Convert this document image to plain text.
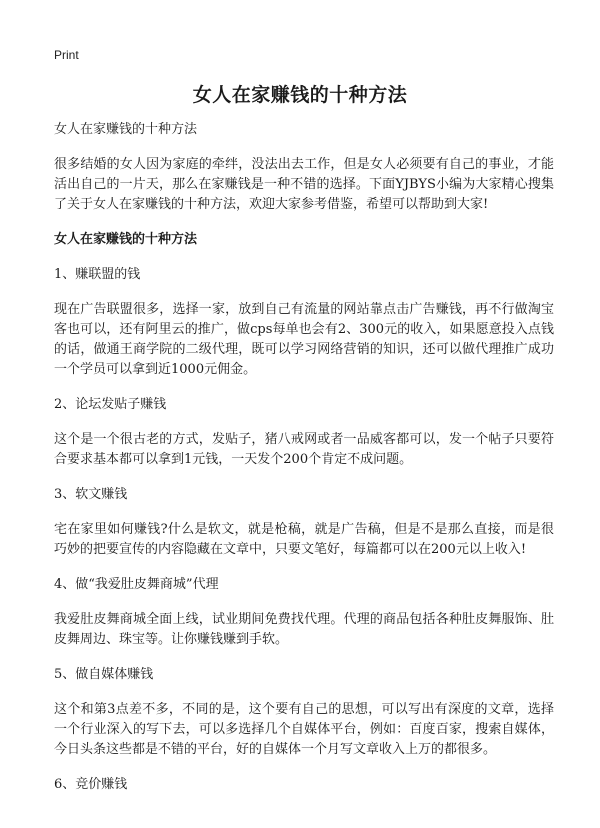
Print
女人在家赚钱的十种方法

女人在家赚钱的十种方法

很多结婚的女人因为家庭的牵绊，没法出去工作，但是女人必须要有自己的事业，才能活出自己的一片天，那么在家赚钱是一种不错的选择。下面YJBYS小编为大家精心搜集了关于女人在家赚钱的十种方法，欢迎大家参考借鉴，希望可以帮助到大家!

女人在家赚钱的十种方法

1、赚联盟的钱

现在广告联盟很多，选择一家，放到自己有流量的网站靠点击广告赚钱，再不行做淘宝客也可以，还有阿里云的推广，做cps每单也会有2、300元的收入，如果愿意投入点钱的话，做通王商学院的二级代理，既可以学习网络营销的知识，还可以做代理推广成功一个学员可以拿到近1000元佣金。

2、论坛发贴子赚钱

这个是一个很古老的方式，发贴子，猪八戒网或者一品威客都可以，发一个帖子只要符合要求基本都可以拿到1元钱，一天发个200个肯定不成问题。

3、软文赚钱

宅在家里如何赚钱?什么是软文，就是枪稿，就是广告稿，但是不是那么直接，而是很巧妙的把要宣传的内容隐藏在文章中，只要文笔好，每篇都可以在200元以上收入!

4、做“我爱肚皮舞商城”代理

我爱肚皮舞商城全面上线，试业期间免费找代理。代理的商品包括各种肚皮舞服饰、肚皮舞周边、珠宝等。让你赚钱赚到手软。

5、做自媒体赚钱

这个和第3点差不多，不同的是，这个要有自己的思想，可以写出有深度的文章，选择一个行业深入的写下去，可以多选择几个自媒体平台，例如：百度百家，搜索自媒体，今日头条这些都是不错的平台，好的自媒体一个月写文章收入上万的都很多。

6、竞价赚钱
